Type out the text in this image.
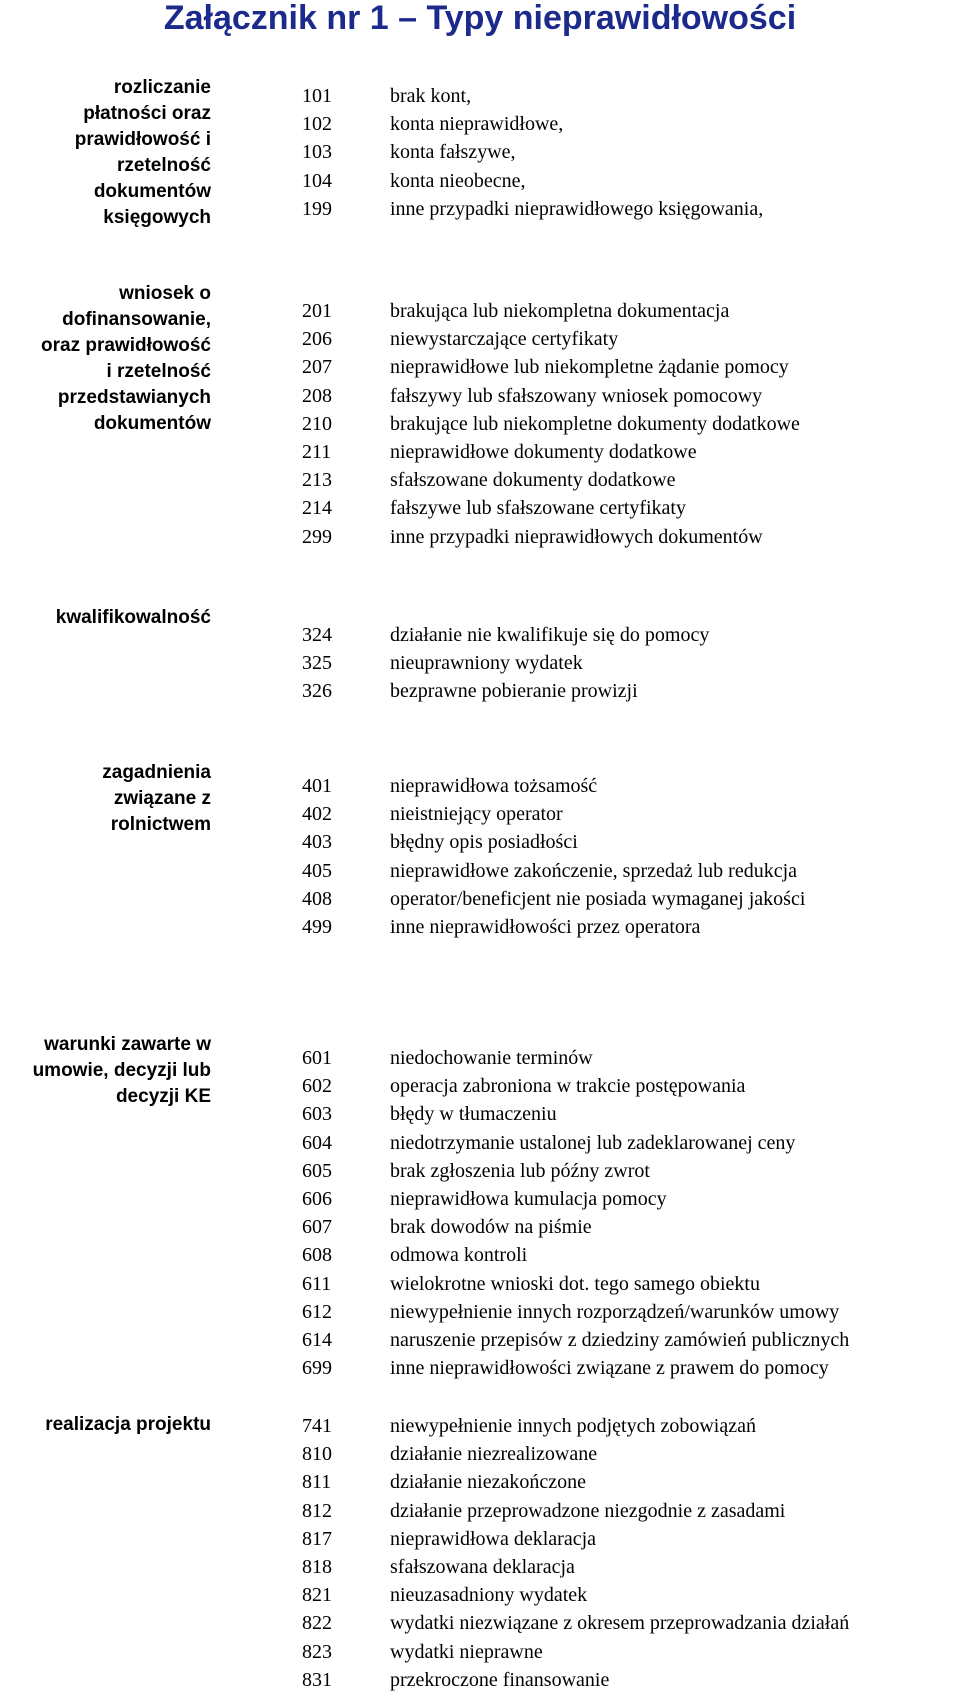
Załącznik nr 1 – Typy nieprawidłowości
rozliczanie
płatności oraz
prawidłowość i
rzetelność
dokumentów
księgowych
101	brak kont,
102	konta nieprawidłowe,
103	konta fałszywe,
104	konta nieobecne,
199	inne przypadki nieprawidłowego księgowania,
wniosek o
dofinansowanie,
oraz prawidłowość
i rzetelność
przedstawianych
dokumentów
201	brakująca lub niekompletna dokumentacja
206	niewystarczające certyfikaty
207	nieprawidłowe lub niekompletne żądanie pomocy
208	fałszywy lub sfałszowany wniosek pomocowy
210	brakujące lub niekompletne dokumenty dodatkowe
211	nieprawidłowe dokumenty dodatkowe
213	sfałszowane dokumenty dodatkowe
214	fałszywe lub sfałszowane certyfikaty
299	inne przypadki nieprawidłowych dokumentów
kwalifikowalność
324	działanie nie kwalifikuje się do pomocy
325	nieuprawniony wydatek
326	bezprawne pobieranie prowizji
zagadnienia
związane z
rolnictwem
401	nieprawidłowa tożsamość
402	nieistniejący operator
403	błędny opis posiadłości
405	nieprawidłowe zakończenie, sprzedaż lub redukcja
408	operator/beneficjent nie posiada wymaganej jakości
499	inne nieprawidłowości przez operatora
warunki zawarte w
umowie, decyzji lub
decyzji KE
601	niedochowanie terminów
602	operacja zabroniona w trakcie postępowania
603	błędy w tłumaczeniu
604	niedotrzymanie ustalonej lub zadeklarowanej ceny
605	brak zgłoszenia lub późny zwrot
606	nieprawidłowa kumulacja pomocy
607	brak dowodów na piśmie
608	odmowa kontroli
611	wielokrotne wnioski dot. tego samego obiektu
612	niewypełnienie innych rozporządzeń/warunków umowy
614	naruszenie przepisów z dziedziny zamówień publicznych
699	inne nieprawidłowości związane z prawem do pomocy
realizacja projektu	741	niewypełnienie innych podjętych zobowiązań
810	działanie niezrealizowane
811	działanie niezakończone
812	działanie przeprowadzone niezgodnie z zasadami
817	nieprawidłowa deklaracja
818	sfałszowana deklaracja
821	nieuzasadniony wydatek
822	wydatki niezwiązane z okresem przeprowadzania działań
823	wydatki nieprawne
831	przekroczone finansowanie
